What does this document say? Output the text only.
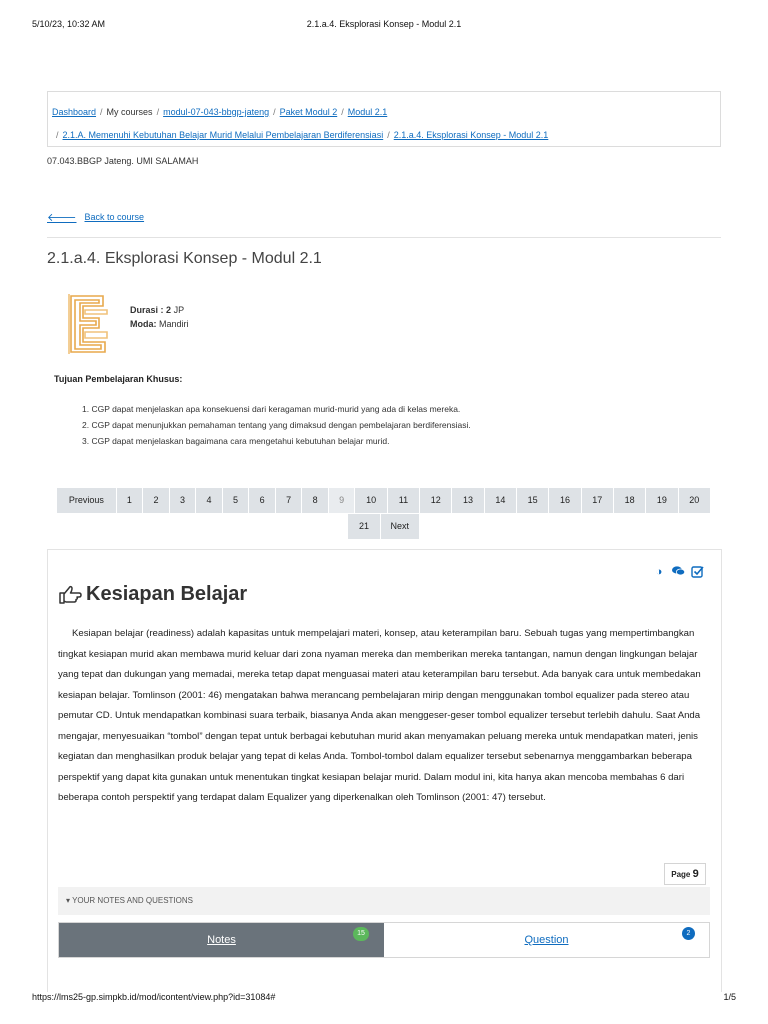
5/10/23, 10:32 AM	2.1.a.4. Eksplorasi Konsep - Modul 2.1
Dashboard / My courses / modul-07-043-bbgp-jateng / Paket Modul 2 / Modul 2.1
/ 2.1.A. Memenuhi Kebutuhan Belajar Murid Melalui Pembelajaran Berdiferensiasi / 2.1.a.4. Eksplorasi Konsep - Modul 2.1
07.043.BBGP Jateng. UMI SALAMAH
🡐 Back to course
2.1.a.4. Eksplorasi Konsep - Modul 2.1
Durasi : 2 JP
Moda: Mandiri
Tujuan Pembelajaran Khusus:
1. CGP dapat menjelaskan apa konsekuensi dari keragaman murid-murid yang ada di kelas mereka.
2. CGP dapat menunjukkan pemahaman tentang yang dimaksud dengan pembelajaran berdiferensiasi.
3. CGP dapat menjelaskan bagaimana cara mengetahui kebutuhan belajar murid.
Previous	1	2	3	4	5	6	7	8	9	10	11	12	13	14	15	16	17	18	19	20
21	Next
◑
Kesiapan Belajar

Kesiapan belajar (readiness) adalah kapasitas untuk mempelajari materi, konsep, atau keterampilan baru. Sebuah tugas yang mempertimbangkan tingkat kesiapan murid akan membawa murid keluar dari zona nyaman mereka dan memberikan mereka tantangan, namun dengan lingkungan belajar yang tepat dan dukungan yang memadai, mereka tetap dapat menguasai materi atau keterampilan baru tersebut. Ada banyak cara untuk membedakan kesiapan belajar. Tomlinson (2001: 46) mengatakan bahwa merancang pembelajaran mirip dengan menggunakan tombol equalizer pada stereo atau pemutar CD. Untuk mendapatkan kombinasi suara terbaik, biasanya Anda akan menggeser-geser tombol equalizer tersebut terlebih dahulu. Saat Anda mengajar, menyesuaikan “tombol” dengan tepat untuk berbagai kebutuhan murid akan menyamakan peluang mereka untuk mendapatkan materi, jenis kegiatan dan menghasilkan produk belajar yang tepat di kelas Anda. Tombol-tombol dalam equalizer tersebut sebenarnya menggambarkan beberapa perspektif yang dapat kita gunakan untuk menentukan tingkat kesiapan belajar murid. Dalam modul ini, kita hanya akan mencoba membahas 6 dari beberapa contoh perspektif yang terdapat dalam Equalizer yang diperkenalkan oleh Tomlinson (2001: 47) tersebut.

Page 9
▾ YOUR NOTES AND QUESTIONS
Notes
15
Question
2
https://lms25-gp.simpkb.id/mod/icontent/view.php?id=31084#	1/5
